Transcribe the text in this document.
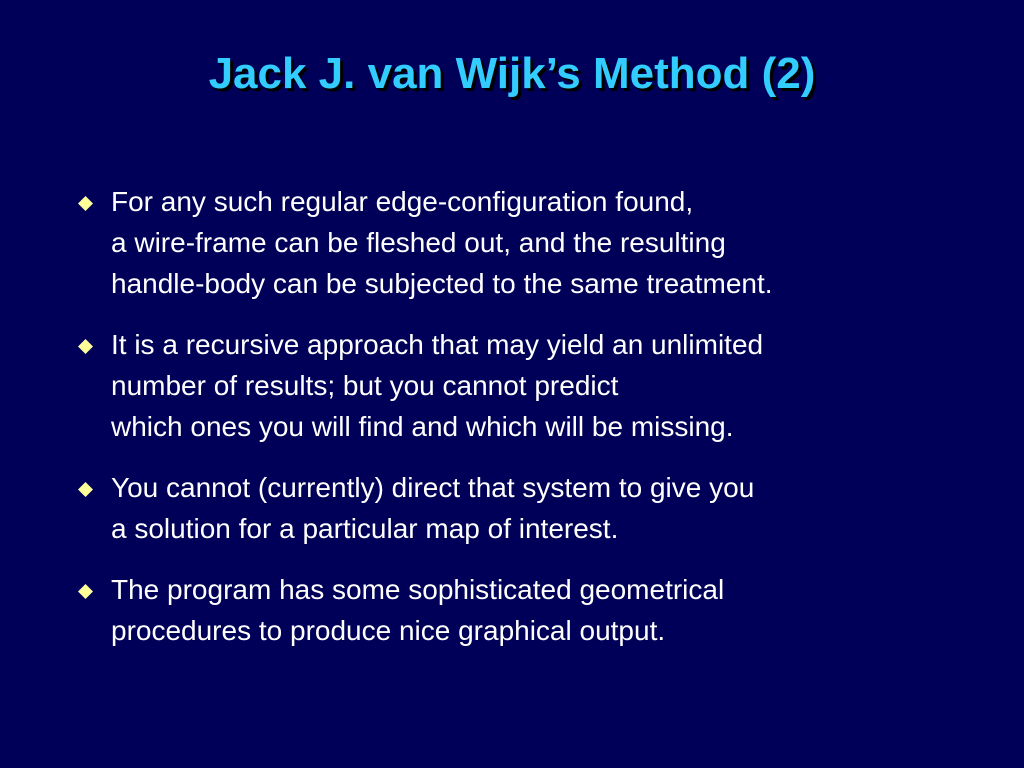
Jack J. van Wijk’s Method (2)
For any such regular edge-configuration found,
a wire-frame can be fleshed out, and the resulting
handle-body can be subjected to the same treatment.
It is a recursive approach that may yield an unlimited
number of results; but you cannot predict
which ones you will find and which will be missing.
You cannot (currently) direct that system to give you
a solution for a particular map of interest.
The program has some sophisticated geometrical
procedures to produce nice graphical output.
